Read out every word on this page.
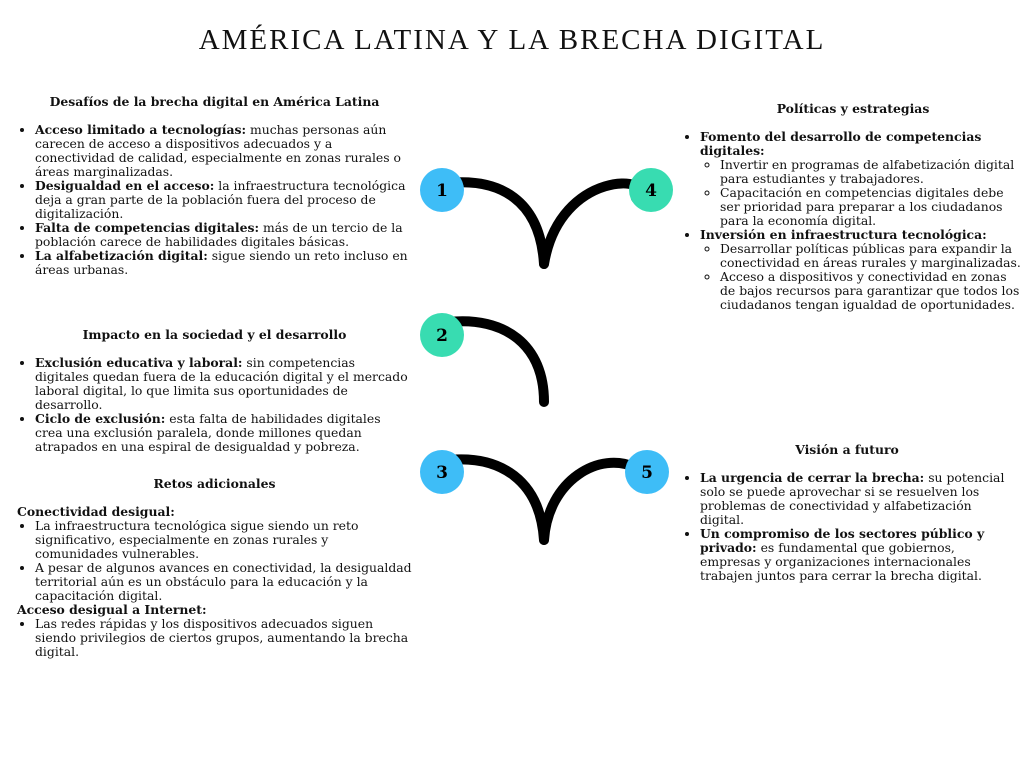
AMÉRICA LATINA Y LA BRECHA DIGITAL
1	4
2
3	5
Desafíos de la brecha digital en América Latina
• Acceso limitado a tecnologías: muchas personas aún carecen de acceso a dispositivos adecuados y a conectividad de calidad, especialmente en zonas rurales o áreas marginalizadas.
• Desigualdad en el acceso: la infraestructura tecnológica deja a gran parte de la población fuera del proceso de digitalización.
• Falta de competencias digitales: más de un tercio de la población carece de habilidades digitales básicas.
• La alfabetización digital: sigue siendo un reto incluso en áreas urbanas.
Impacto en la sociedad y el desarrollo
• Exclusión educativa y laboral: sin competencias digitales quedan fuera de la educación digital y el mercado laboral digital, lo que limita sus oportunidades de desarrollo.
• Ciclo de exclusión: esta falta de habilidades digitales crea una exclusión paralela, donde millones quedan atrapados en una espiral de desigualdad y pobreza.
Retos adicionales
Conectividad desigual:
• La infraestructura tecnológica sigue siendo un reto significativo, especialmente en zonas rurales y comunidades vulnerables.
• A pesar de algunos avances en conectividad, la desigualdad territorial aún es un obstáculo para la educación y la capacitación digital.
Acceso desigual a Internet:
• Las redes rápidas y los dispositivos adecuados siguen siendo privilegios de ciertos grupos, aumentando la brecha digital.
Políticas y estrategias
• Fomento del desarrollo de competencias digitales:
◦ Invertir en programas de alfabetización digital para estudiantes y trabajadores.
◦ Capacitación en competencias digitales debe ser prioridad para preparar a los ciudadanos para la economía digital.
• Inversión en infraestructura tecnológica:
◦ Desarrollar políticas públicas para expandir la conectividad en áreas rurales y marginalizadas.
◦ Acceso a dispositivos y conectividad en zonas de bajos recursos para garantizar que todos los ciudadanos tengan igualdad de oportunidades.
Visión a futuro
• La urgencia de cerrar la brecha: su potencial solo se puede aprovechar si se resuelven los problemas de conectividad y alfabetización digital.
• Un compromiso de los sectores público y privado: es fundamental que gobiernos, empresas y organizaciones internacionales trabajen juntos para cerrar la brecha digital.
